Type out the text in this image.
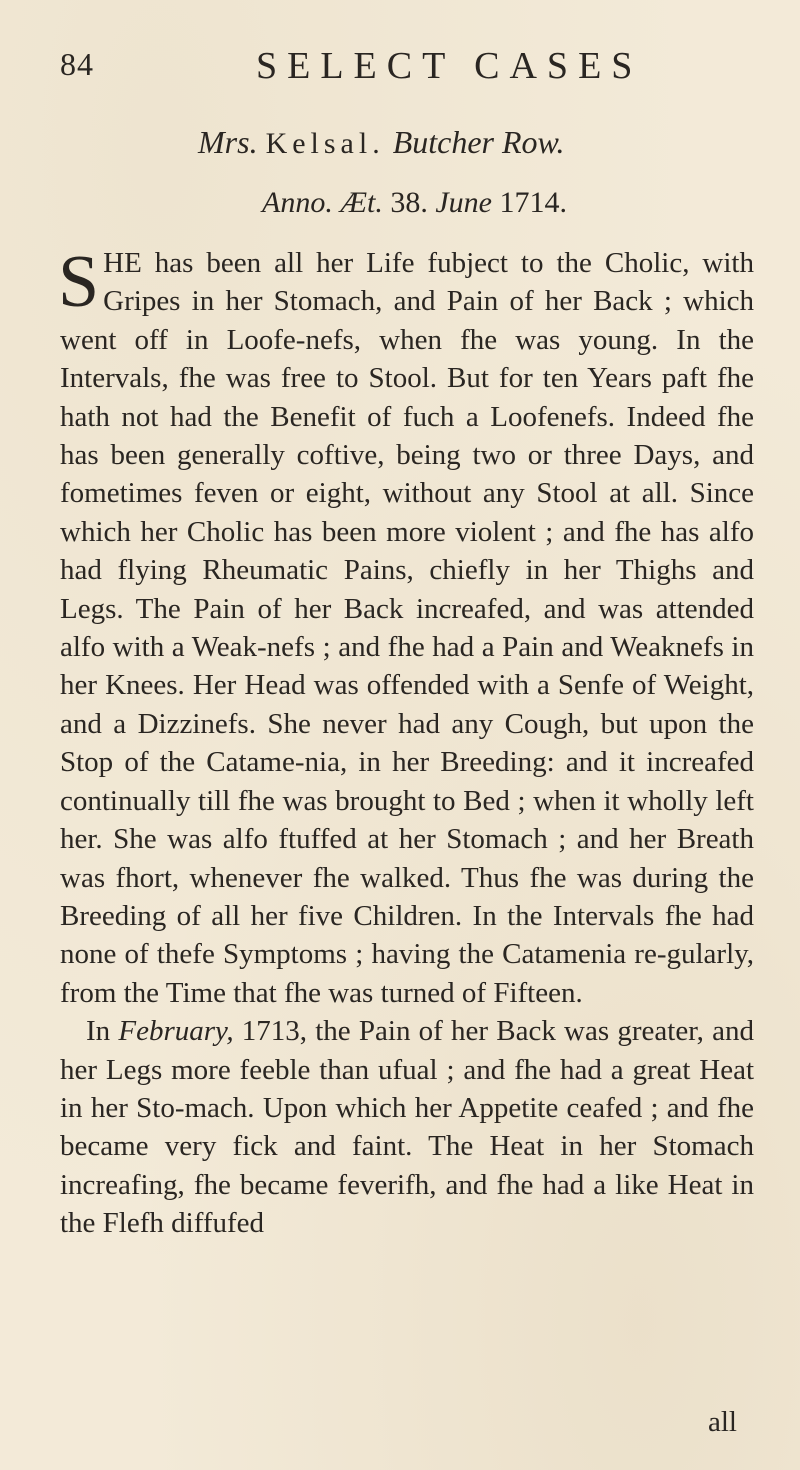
84	SELECT CASES
Mrs. Kelsal. Butcher Row.
Anno. Æt. 38. June 1714.

SHE has been all her Life fubject to the Cholic, with Gripes in her Stomach, and Pain of her Back ; which went off in Loofe-nefs, when fhe was young. In the Intervals, fhe was free to Stool. But for ten Years paft fhe hath not had the Benefit of fuch a Loofenefs. Indeed fhe has been generally coftive, being two or three Days, and fometimes feven or eight, without any Stool at all. Since which her Cholic has been more violent ; and fhe has alfo had flying Rheumatic Pains, chiefly in her Thighs and Legs. The Pain of her Back increafed, and was attended alfo with a Weak-nefs ; and fhe had a Pain and Weaknefs in her Knees. Her Head was offended with a Senfe of Weight, and a Dizzinefs. She never had any Cough, but upon the Stop of the Catame-nia, in her Breeding: and it increafed continually till fhe was brought to Bed ; when it wholly left her. She was alfo ftuffed at her Stomach ; and her Breath was fhort, whenever fhe walked. Thus fhe was during the Breeding of all her five Children. In the Intervals fhe had none of thefe Symptoms ; having the Catamenia re-gularly, from the Time that fhe was turned of Fifteen.

In February, 1713, the Pain of her Back was greater, and her Legs more feeble than ufual ; and fhe had a great Heat in her Sto-mach. Upon which her Appetite ceafed ; and fhe became very fick and faint. The Heat in her Stomach increafing, fhe became feverifh, and fhe had a like Heat in the Flefh diffufed

all
